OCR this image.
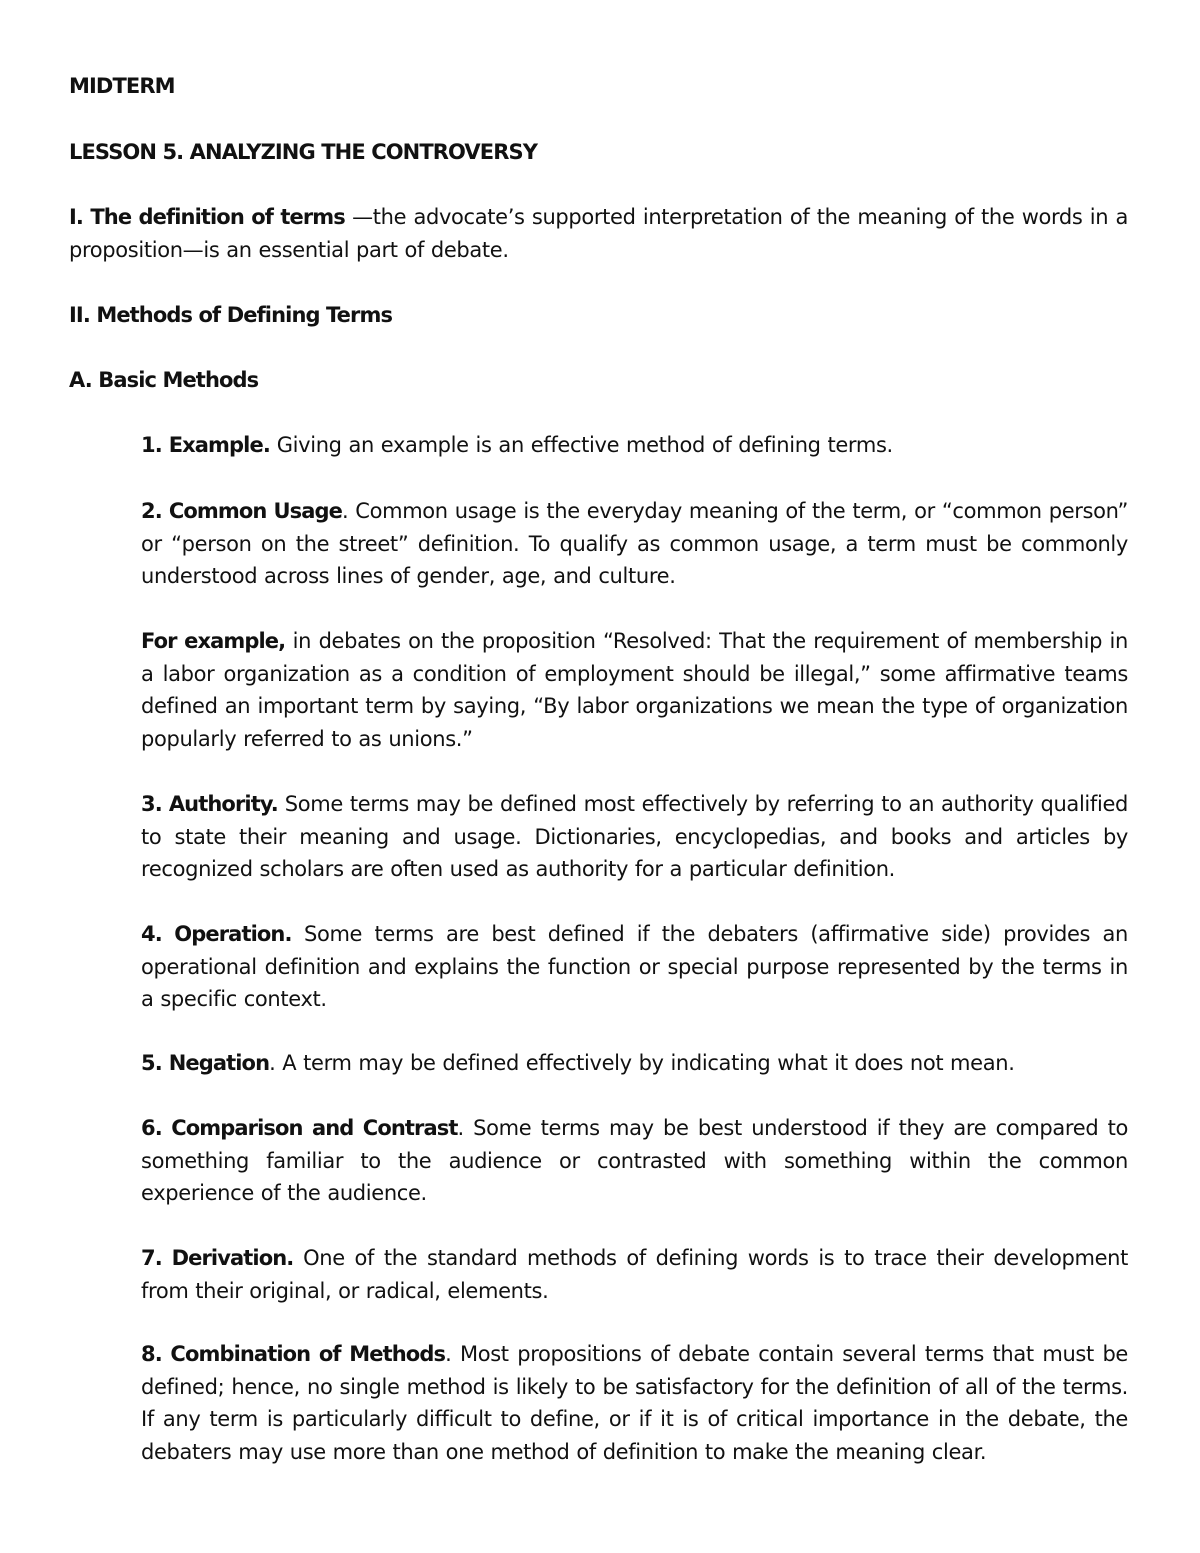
MIDTERM

LESSON 5. ANALYZING THE CONTROVERSY

I. The definition of terms —the advocate’s supported interpretation of the meaning of the words in a proposition—is an essential part of debate.

II. Methods of Defining Terms

A. Basic Methods

1. Example. Giving an example is an effective method of defining terms.

2. Common Usage. Common usage is the everyday meaning of the term, or “common person” or “person on the street” definition. To qualify as common usage, a term must be commonly understood across lines of gender, age, and culture.

For example, in debates on the proposition “Resolved: That the requirement of membership in a labor organization as a condition of employment should be illegal,” some affirmative teams defined an important term by saying, “By labor organizations we mean the type of organization popularly referred to as unions.”

3. Authority. Some terms may be defined most effectively by referring to an authority qualified to state their meaning and usage. Dictionaries, encyclopedias, and books and articles by recognized scholars are often used as authority for a particular definition.

4. Operation. Some terms are best defined if the debaters (affirmative side) provides an operational definition and explains the function or special purpose represented by the terms in a specific context.

5. Negation. A term may be defined effectively by indicating what it does not mean.

6. Comparison and Contrast. Some terms may be best understood if they are compared to something familiar to the audience or contrasted with something within the common experience of the audience.

7. Derivation. One of the standard methods of defining words is to trace their development from their original, or radical, elements.

8. Combination of Methods. Most propositions of debate contain several terms that must be defined; hence, no single method is likely to be satisfactory for the definition of all of the terms. If any term is particularly difficult to define, or if it is of critical importance in the debate, the debaters may use more than one method of definition to make the meaning clear.
